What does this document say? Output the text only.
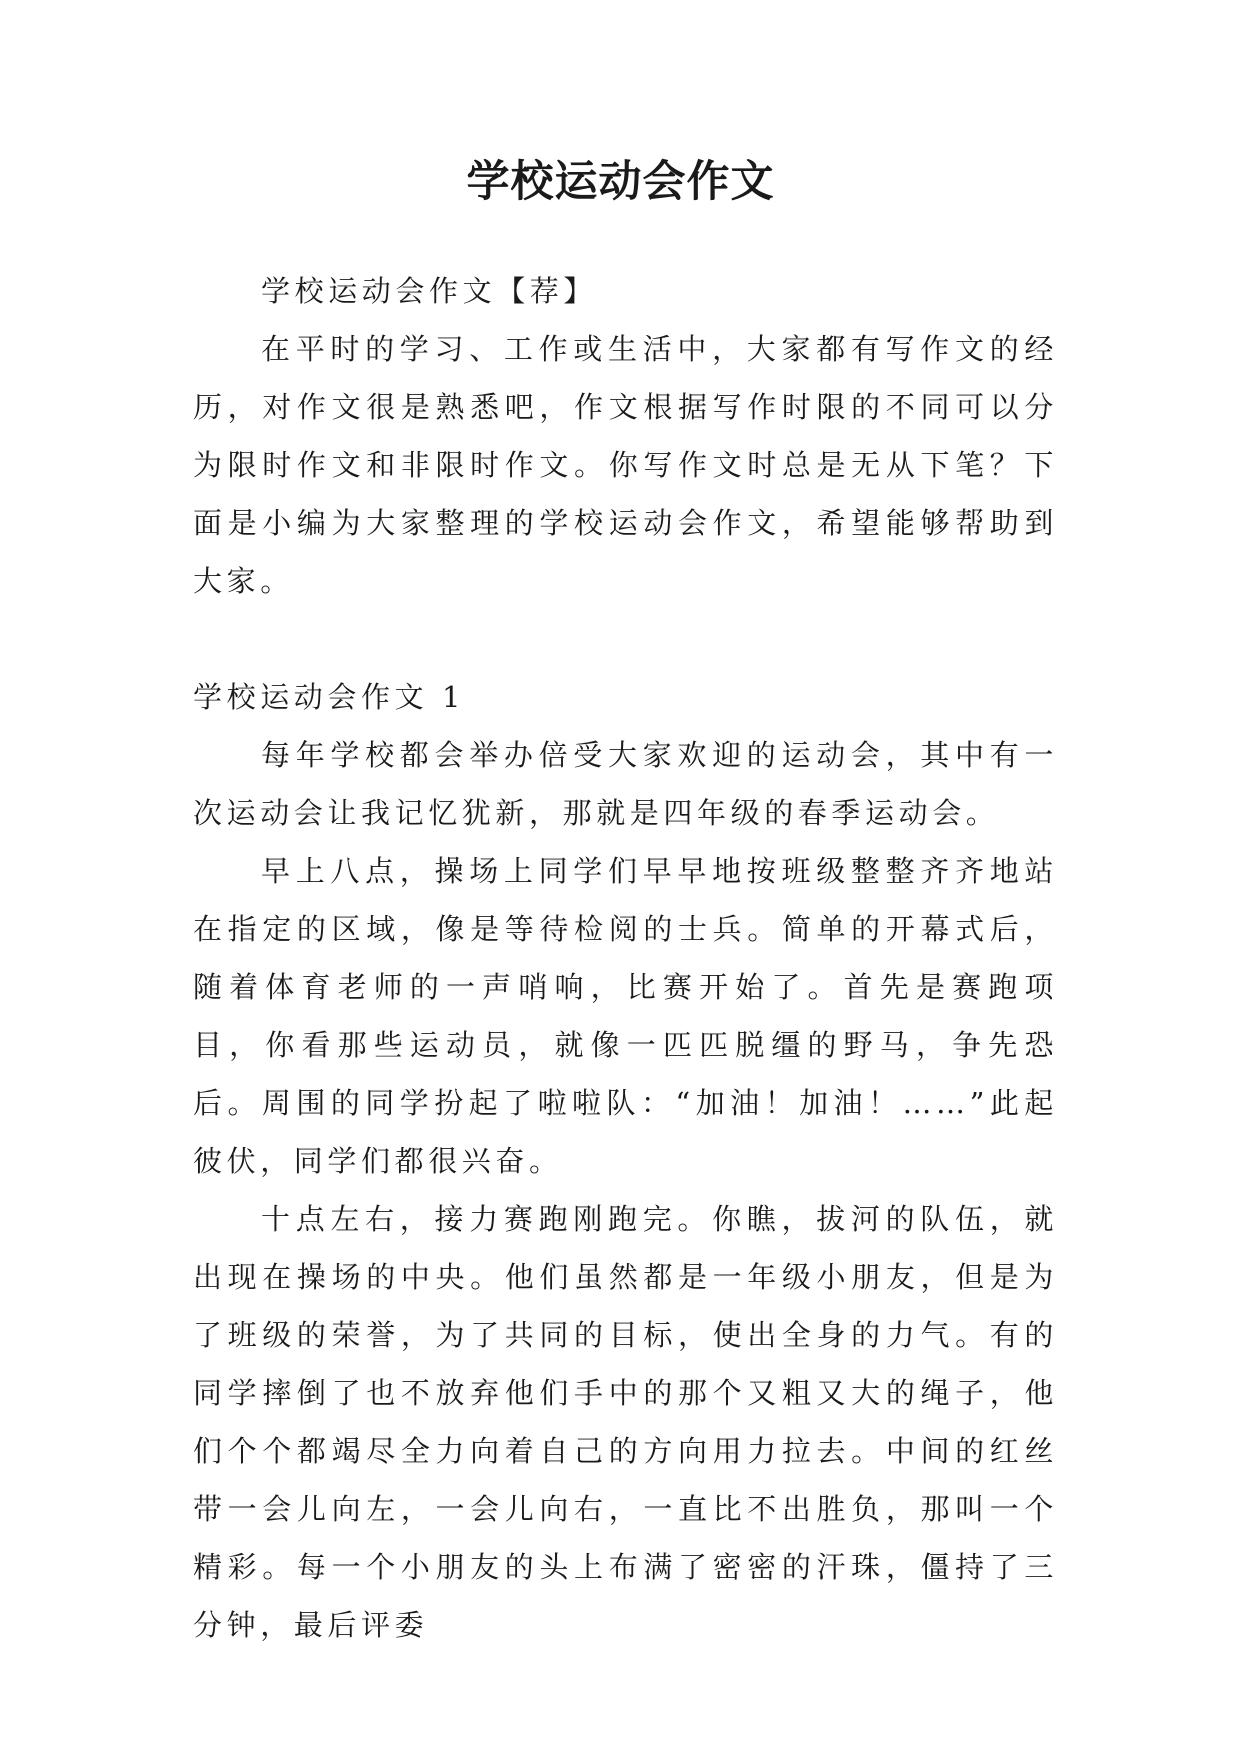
学校运动会作文

学校运动会作文【荐】

在平时的学习、工作或生活中，大家都有写作文的经历，对作文很是熟悉吧，作文根据写作时限的不同可以分为限时作文和非限时作文。你写作文时总是无从下笔？下面是小编为大家整理的学校运动会作文，希望能够帮助到大家。

学校运动会作文 1

每年学校都会举办倍受大家欢迎的运动会，其中有一次运动会让我记忆犹新，那就是四年级的春季运动会。

早上八点，操场上同学们早早地按班级整整齐齐地站在指定的区域，像是等待检阅的士兵。简单的开幕式后，随着体育老师的一声哨响，比赛开始了。首先是赛跑项目，你看那些运动员，就像一匹匹脱缰的野马，争先恐后。周围的同学扮起了啦啦队：“加油！加油！……”此起彼伏，同学们都很兴奋。

十点左右，接力赛跑刚跑完。你瞧，拔河的队伍，就出现在操场的中央。他们虽然都是一年级小朋友，但是为了班级的荣誉，为了共同的目标，使出全身的力气。有的同学摔倒了也不放弃他们手中的那个又粗又大的绳子，他们个个都竭尽全力向着自己的方向用力拉去。中间的红丝带一会儿向左，一会儿向右，一直比不出胜负，那叫一个精彩。每一个小朋友的头上布满了密密的汗珠，僵持了三分钟，最后评委
